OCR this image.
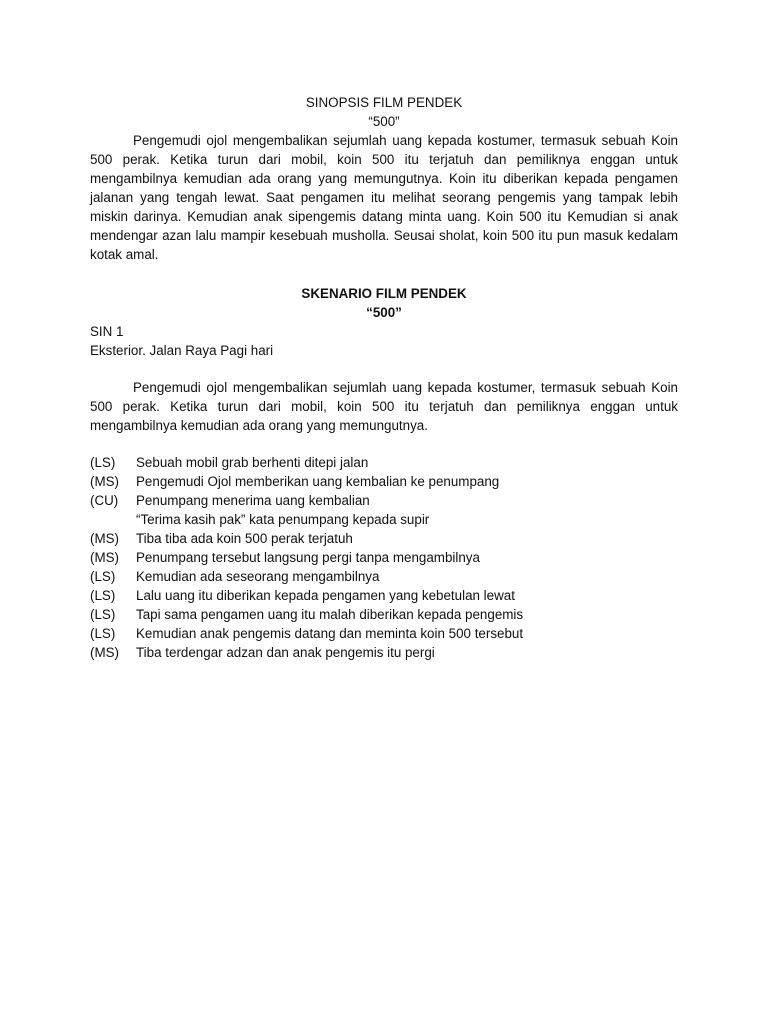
SINOPSIS FILM PENDEK
“500”

Pengemudi ojol mengembalikan sejumlah uang kepada kostumer, termasuk sebuah Koin 500 perak. Ketika turun dari mobil, koin 500 itu terjatuh dan pemiliknya enggan untuk mengambilnya kemudian ada orang yang memungutnya. Koin itu diberikan kepada pengamen jalanan yang tengah lewat. Saat pengamen itu melihat seorang pengemis yang tampak lebih miskin darinya. Kemudian anak sipengemis datang minta uang. Koin 500 itu Kemudian si anak mendengar azan lalu mampir kesebuah musholla. Seusai sholat, koin 500 itu pun masuk kedalam kotak amal.

SKENARIO FILM PENDEK
“500”
SIN 1
Eksterior. Jalan Raya Pagi hari

Pengemudi ojol mengembalikan sejumlah uang kepada kostumer, termasuk sebuah Koin 500 perak. Ketika turun dari mobil, koin 500 itu terjatuh dan pemiliknya enggan untuk mengambilnya kemudian ada orang yang memungutnya.

(LS) Sebuah mobil grab berhenti ditepi jalan
(MS) Pengemudi Ojol memberikan uang kembalian ke penumpang
(CU) Penumpang menerima uang kembalian
“Terima kasih pak” kata penumpang kepada supir
(MS) Tiba tiba ada koin 500 perak terjatuh
(MS) Penumpang tersebut langsung pergi tanpa mengambilnya
(LS) Kemudian ada seseorang mengambilnya
(LS) Lalu uang itu diberikan kepada pengamen yang kebetulan lewat
(LS) Tapi sama pengamen uang itu malah diberikan kepada pengemis
(LS) Kemudian anak pengemis datang dan meminta koin 500 tersebut
(MS) Tiba terdengar adzan dan anak pengemis itu pergi
